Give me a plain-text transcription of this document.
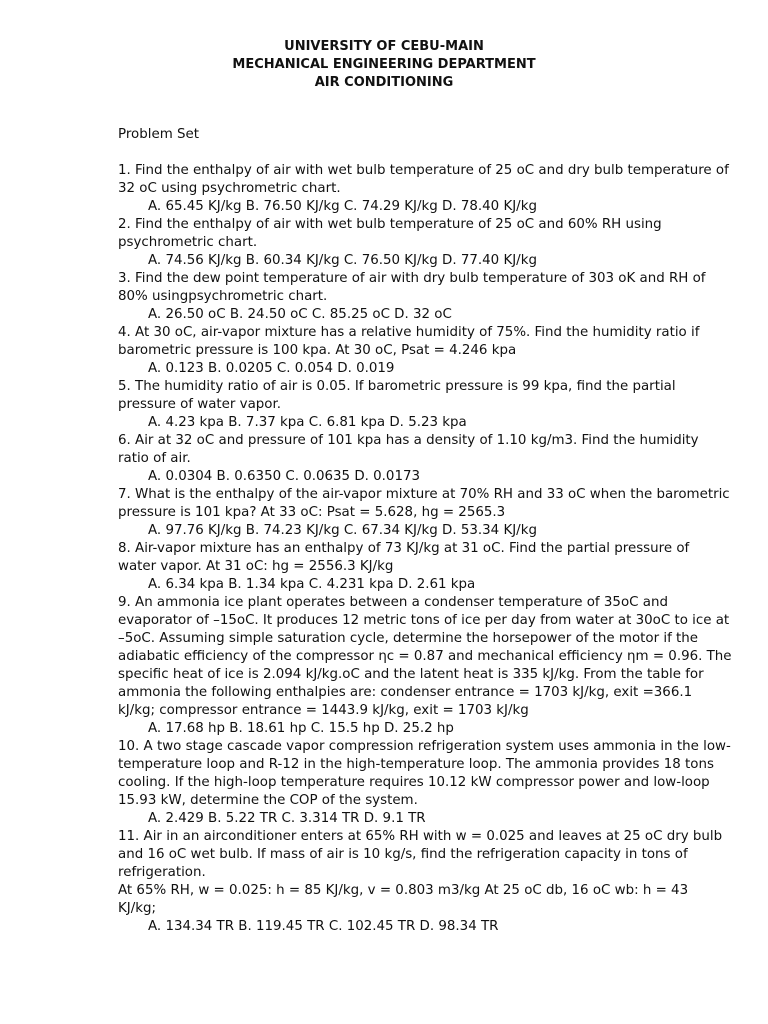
UNIVERSITY OF CEBU-MAIN
MECHANICAL ENGINEERING DEPARTMENT
AIR CONDITIONING
Problem Set
1. Find the enthalpy of air with wet bulb temperature of 25 oC and dry bulb temperature of
32 oC using psychrometric chart.
A. 65.45 KJ/kg B. 76.50 KJ/kg C. 74.29 KJ/kg D. 78.40 KJ/kg
2. Find the enthalpy of air with wet bulb temperature of 25 oC and 60% RH using
psychrometric chart.
A. 74.56 KJ/kg B. 60.34 KJ/kg C. 76.50 KJ/kg D. 77.40 KJ/kg
3. Find the dew point temperature of air with dry bulb temperature of 303 oK and RH of
80% usingpsychrometric chart.
A. 26.50 oC B. 24.50 oC C. 85.25 oC D. 32 oC
4. At 30 oC, air-vapor mixture has a relative humidity of 75%. Find the humidity ratio if
barometric pressure is 100 kpa. At 30 oC, Psat = 4.246 kpa
A. 0.123 B. 0.0205 C. 0.054 D. 0.019
5. The humidity ratio of air is 0.05. If barometric pressure is 99 kpa, find the partial
pressure of water vapor.
A. 4.23 kpa B. 7.37 kpa C. 6.81 kpa D. 5.23 kpa
6. Air at 32 oC and pressure of 101 kpa has a density of 1.10 kg/m3. Find the humidity
ratio of air.
A. 0.0304 B. 0.6350 C. 0.0635 D. 0.0173
7. What is the enthalpy of the air-vapor mixture at 70% RH and 33 oC when the barometric
pressure is 101 kpa? At 33 oC: Psat = 5.628, hg = 2565.3
A. 97.76 KJ/kg B. 74.23 KJ/kg C. 67.34 KJ/kg D. 53.34 KJ/kg
8. Air-vapor mixture has an enthalpy of 73 KJ/kg at 31 oC. Find the partial pressure of
water vapor. At 31 oC: hg = 2556.3 KJ/kg
A. 6.34 kpa B. 1.34 kpa C. 4.231 kpa D. 2.61 kpa
9. An ammonia ice plant operates between a condenser temperature of 35oC and
evaporator of –15oC. It produces 12 metric tons of ice per day from water at 30oC to ice at
–5oC. Assuming simple saturation cycle, determine the horsepower of the motor if the
adiabatic efficiency of the compressor ηc = 0.87 and mechanical efficiency ηm = 0.96. The
specific heat of ice is 2.094 kJ/kg.oC and the latent heat is 335 kJ/kg. From the table for
ammonia the following enthalpies are: condenser entrance = 1703 kJ/kg, exit =366.1
kJ/kg; compressor entrance = 1443.9 kJ/kg, exit = 1703 kJ/kg
A. 17.68 hp B. 18.61 hp C. 15.5 hp D. 25.2 hp
10. A two stage cascade vapor compression refrigeration system uses ammonia in the low-
temperature loop and R-12 in the high-temperature loop. The ammonia provides 18 tons
cooling. If the high-loop temperature requires 10.12 kW compressor power and low-loop
15.93 kW, determine the COP of the system.
A. 2.429 B. 5.22 TR C. 3.314 TR D. 9.1 TR
11. Air in an airconditioner enters at 65% RH with w = 0.025 and leaves at 25 oC dry bulb
and 16 oC wet bulb. If mass of air is 10 kg/s, find the refrigeration capacity in tons of
refrigeration.
At 65% RH, w = 0.025: h = 85 KJ/kg, v = 0.803 m3/kg At 25 oC db, 16 oC wb: h = 43
KJ/kg;
A. 134.34 TR B. 119.45 TR C. 102.45 TR D. 98.34 TR
